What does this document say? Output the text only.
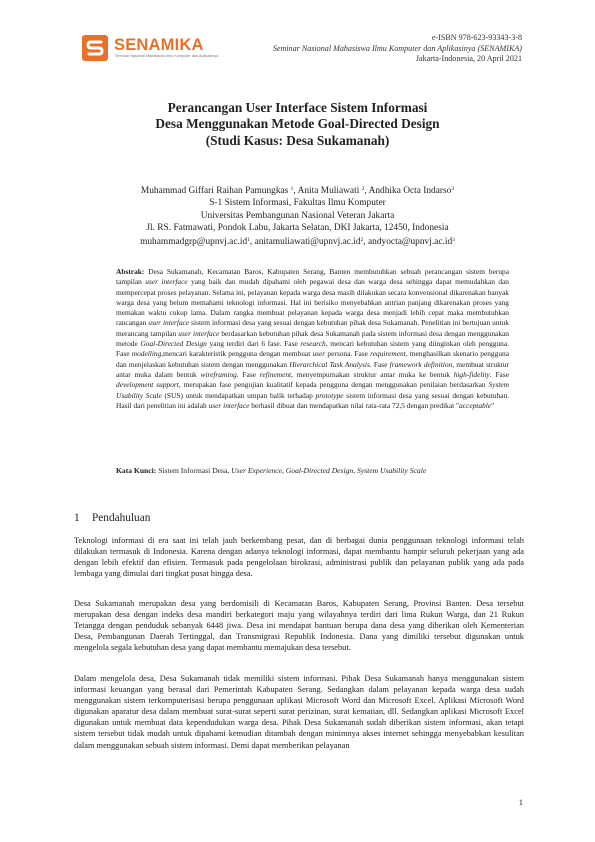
SENAMIKA
Seminar Nasional Mahasiswa Ilmu Komputer dan Aplikasinya
e-ISBN 978-623-93343-3-8
Seminar Nasional Mahasiswa Ilmu Komputer dan Aplikasinya (SENAMIKA)
Jakarta-Indonesia, 20 April 2021
Perancangan User Interface Sistem Informasi
Desa Menggunakan Metode Goal-Directed Design
(Studi Kasus: Desa Sukamanah)
Muhammad Giffari Raihan Pamungkas $^1$, Anita Muliawati $^2$, Andhika Octa Indarso$^3$
S-1 Sistem Informasi, Fakultas Ilmu Komputer
Universitas Pembangunan Nasional Veteran Jakarta
Jl. RS. Fatmawati, Pondok Labu, Jakarta Selatan, DKI Jakarta, 12450, Indonesia
$muhammadgrp@upnvj.ac.id^1$, $anitamuliawati@upnvj.ac.id^2$, $andyocta@upnvj.ac.id^3$
Abstrak: Desa Sukamanah, Kecamatan Baros, Kabupaten Serang, Banten membutuhkan sebuah perancangan sistem berupa tampilan user interface yang baik dan mudah dipahami oleh pegawai desa dan warga desa sehingga dapat memudahkan dan mempercepat proses pelayanan. Selama ini, pelayanan kepada warga desa masih dilakukan secara konvensional dikarenakan banyak warga desa yang belum memahami teknologi informasi. Hal ini berisiko menyebabkan antrian panjang dikarenakan proses yang memakan waktu cukup lama. Dalam rangka membuat pelayanan kepada warga desa menjadi lebih cepat maka membutuhkan rancangan user interface sistem informasi desa yang sesuai dengan kebutuhan pihak desa Sukamanah. Penelitian ini bertujuan untuk merancang tampilan user interface berdasarkan kebutuhan pihak desa Sukamanah pada sistem informasi desa dengan menggunakan metode Goal-Directed Design yang terdiri dari 6 fase. Fase research, mencari kebutuhan sistem yang diinginkan oleh pengguna. Fase modelling,mencari karakteristik pengguna dengan membuat user persona. Fase requirement, menghasilkan skenario pengguna dan menjelaskan kebutuhan sistem dengan menggunakan Hierarchical Task Analysis. Fase framework definition, membuat struktur antar muka dalam bentuk wireframing. Fase refinement, menyempurnakan struktur antar muka ke bentuk high-fidelity. Fase development support, merupakan fase pengujian kualitatif kepada pengguna dengan menggunakan penilaian berdasarkan System Usability Scale (SUS) untuk mendapatkan umpan balik terhadap prototype sistem informasi desa yang sesuai dengan kebutuhan. Hasil dari penelitian ini adalah user interface berhasil dibuat dan mendapatkan nilai rata-rata 72,5 dengan predikat "acceptable"
Kata Kunci: Sistem Informasi Desa, User Experience, Goal-Directed Design, System Usability Scale
1 Pendahuluan
Teknologi informasi di era saat ini telah jauh berkembang pesat, dan di berbagai dunia penggunaan teknologi informasi telah dilakukan termasuk di Indonesia. Karena dengan adanya teknologi informasi, dapat membantu hampir seluruh pekerjaan yang ada dengan lebih efektif dan efisien. Termasuk pada pengelolaan birokrasi, administrasi publik dan pelayanan publik yang ada pada lembaga yang dimulai dari tingkat pusat hingga desa.
Desa Sukamanah merupakan desa yang berdomisili di Kecamatan Baros, Kabupaten Serang, Provinsi Banten. Desa tersebut merupakan desa dengan indeks desa mandiri berkategori maju yang wilayahnya terdiri dari lima Rukun Warga, dan 21 Rukun Tetangga dengan penduduk sebanyak 6448 jiwa. Desa ini mendapat bantuan berupa dana desa yang diberikan oleh Kementerian Desa, Pembangunan Daerah Tertinggal, dan Transmigrasi Republik Indonesia. Dana yang dimiliki tersebut digunakan untuk mengelola segala kebutuhan desa yang dapat membantu memajukan desa tersebut.
Dalam mengelola desa, Desa Sukamanah tidak memiliki sistem informasi. Pihak Desa Sukamanah hanya menggunakan sistem informasi keuangan yang berasal dari Pemerintah Kabupaten Serang. Sedangkan dalam pelayanan kepada warga desa sudah menggunakan sistem terkomputerisasi berupa penggunaan aplikasi Microsoft Word dan Microsoft Excel. Aplikasi Microsoft Word digunakan aparatur desa dalam membuat surat-surat seperti surat perizinan, surat kematian, dll. Sedangkan aplikasi Microsoft Excel digunakan untuk membuat data kependudukan warga desa. Pihak Desa Sukamanah sudah diberikan sistem informasi, akan tetapi sistem tersebut tidak mudah untuk dipahami kemudian ditambah dengan minimnya akses internet sehingga menyebabkan kesulitan dalam menggunakan sebuah sistem informasi. Demi dapat memberikan pelayanan
1
